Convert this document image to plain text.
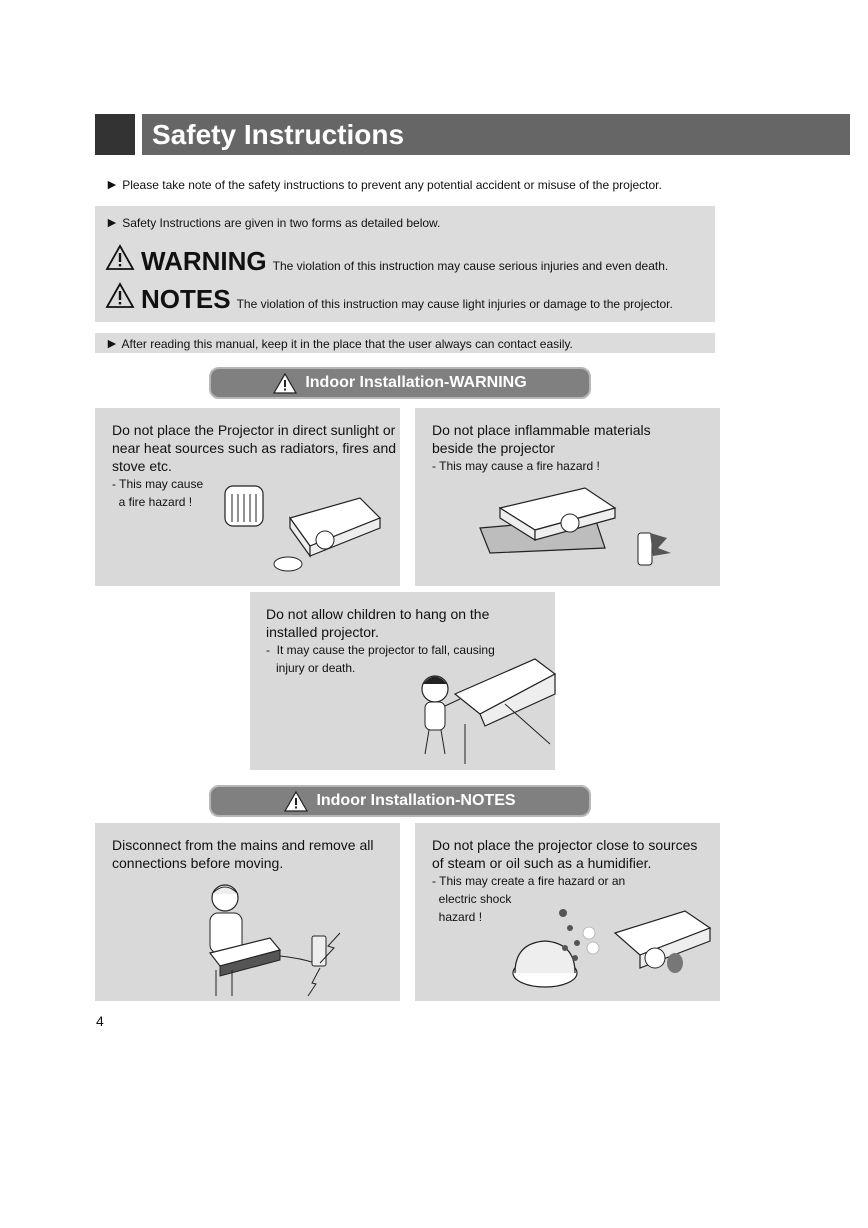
Safety Instructions
► Please take note of the safety instructions to prevent any potential accident or misuse of the projector.
► Safety Instructions are given in two forms as detailed below.
WARNING The violation of this instruction may cause serious injuries and even death.
NOTES The violation of this instruction may cause light injuries or damage to the projector.
► After reading this manual, keep it in the place that the user always can contact easily.
Indoor Installation-WARNING

Do not place the Projector in direct sunlight or

near heat sources such as radiators, fires and

stove etc.

- This may cause

a fire hazard !

Do not place inflammable materials

beside the projector

- This may cause a fire hazard !

Do not allow children to hang on the

installed projector.

-  It may cause the projector to fall, causing

injury or death.

Indoor Installation-NOTES

Disconnect from the mains and remove all

connections before moving.

Do not place the projector close to sources

of steam or oil such as a humidifier.

- This may create a fire hazard or an

electric shock

hazard !

4
